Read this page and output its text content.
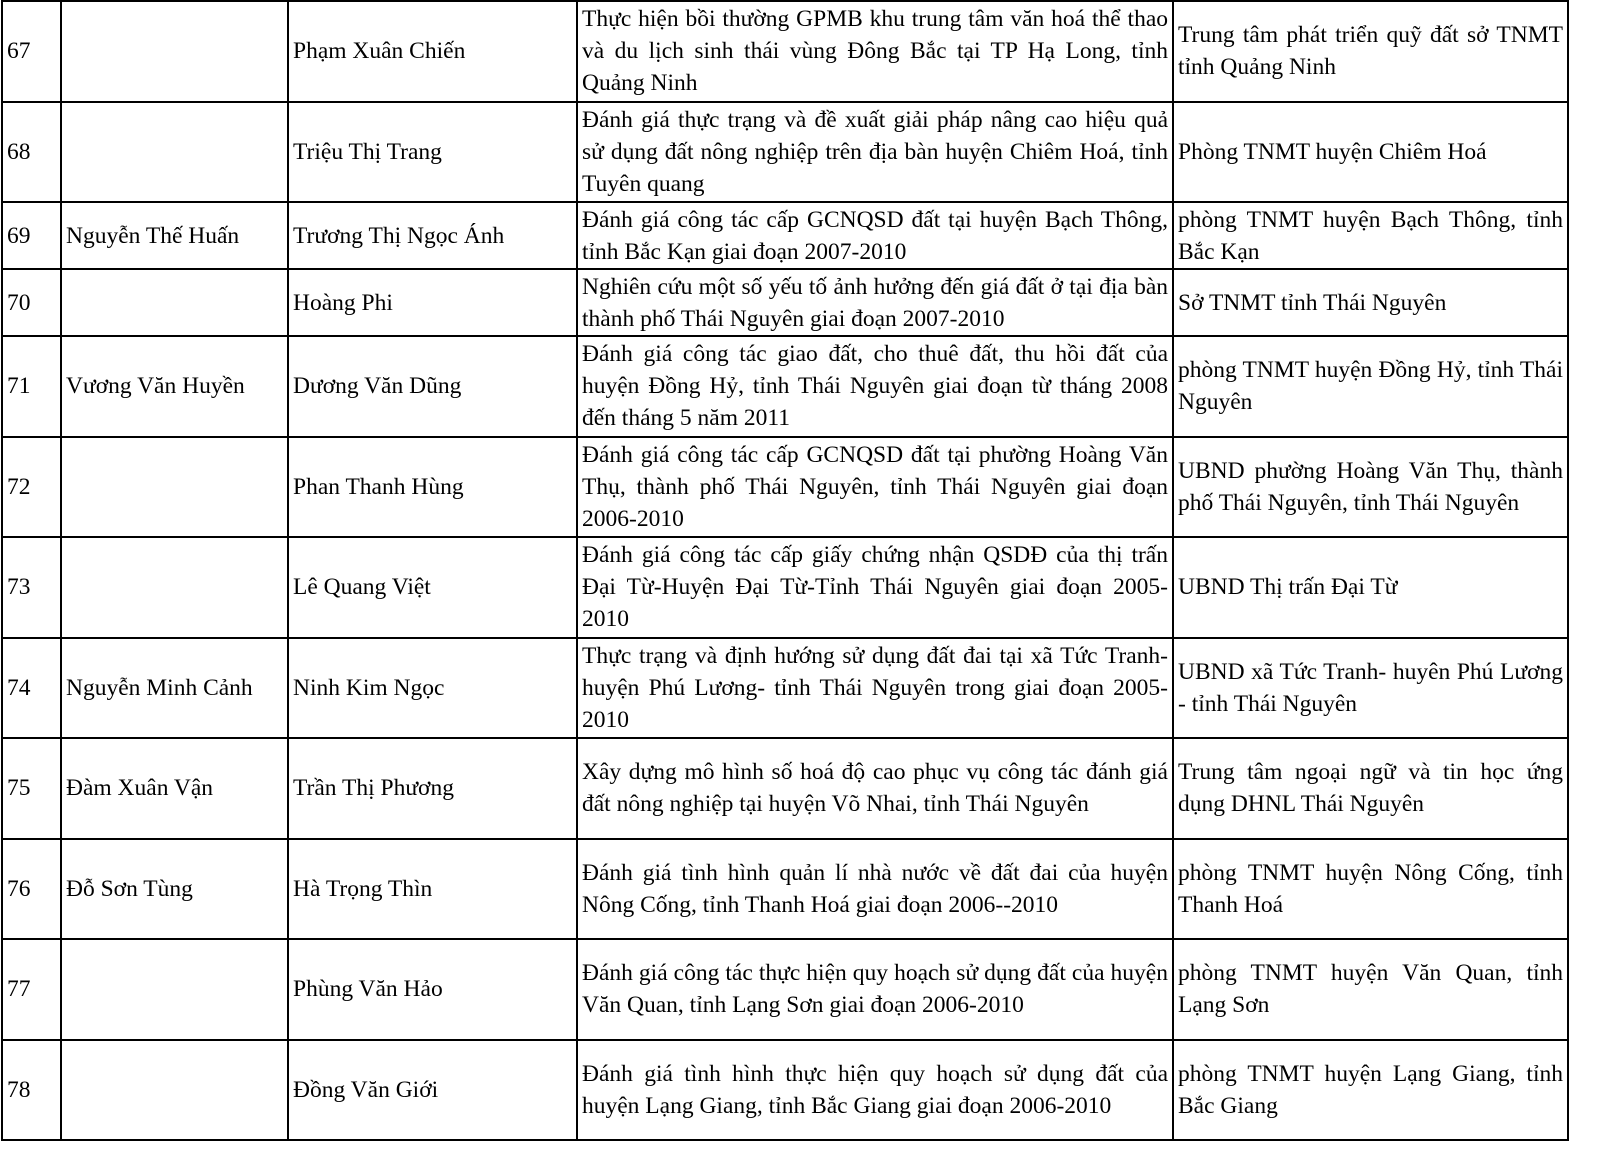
67		Phạm Xuân Chiến	Thực hiện bồi thường GPMB khu trung tâm văn hoá thể thao và du lịch sinh thái vùng Đông Bắc tại TP Hạ Long, tỉnh Quảng Ninh	Trung tâm phát triển quỹ đất sở TNMT tỉnh Quảng Ninh
68		Triệu Thị Trang	Đánh giá thực trạng và đề xuất giải pháp nâng cao hiệu quả sử dụng đất nông nghiệp trên địa bàn huyện Chiêm Hoá, tỉnh Tuyên quang	Phòng TNMT huyện Chiêm Hoá
69	Nguyễn Thế Huấn	Trương Thị Ngọc Ánh	Đánh giá công tác cấp GCNQSD đất tại huyện Bạch Thông, tỉnh Bắc Kạn giai đoạn 2007-2010	phòng TNMT huyện Bạch Thông, tỉnh Bắc Kạn
70		Hoàng Phi	Nghiên cứu một số yếu tố ảnh hưởng đến giá đất ở tại địa bàn thành phố Thái Nguyên giai đoạn 2007-2010	Sở TNMT tỉnh Thái Nguyên
71	Vương Văn Huyền	Dương Văn Dũng	Đánh giá công tác giao đất, cho thuê đất, thu hồi đất của huyện Đồng Hỷ, tỉnh Thái Nguyên giai đoạn từ tháng 2008 đến tháng 5 năm 2011	phòng TNMT huyện Đồng Hỷ, tỉnh Thái Nguyên
72		Phan Thanh Hùng	Đánh giá công tác cấp GCNQSD đất tại phường Hoàng Văn Thụ, thành phố Thái Nguyên, tỉnh Thái Nguyên giai đoạn 2006-2010	UBND phường Hoàng Văn Thụ, thành phố Thái Nguyên, tỉnh Thái Nguyên
73		Lê Quang Việt	Đánh giá công tác cấp giấy chứng nhận QSDĐ của thị trấn Đại Từ-Huyện Đại Từ-Tỉnh Thái Nguyên giai đoạn 2005-2010	UBND Thị trấn Đại Từ
74	Nguyễn Minh Cảnh	Ninh Kim Ngọc	Thực trạng và định hướng sử dụng đất đai tại xã Tức Tranh- huyện Phú Lương- tỉnh Thái Nguyên trong giai đoạn 2005-2010	UBND xã Tức Tranh- huyên Phú Lương - tỉnh Thái Nguyên
75	Đàm Xuân Vận	Trần Thị Phương	Xây dựng mô hình số hoá độ cao phục vụ công tác đánh giá đất nông nghiệp tại huyện Võ Nhai, tỉnh Thái Nguyên	Trung tâm ngoại ngữ và tin học ứng dụng DHNL Thái Nguyên
76	Đỗ Sơn Tùng	Hà Trọng Thìn	Đánh giá tình hình quản lí nhà nước về đất đai của huyện Nông Cống, tỉnh Thanh Hoá giai đoạn 2006--2010	phòng TNMT huyện Nông Cống, tỉnh Thanh Hoá
77		Phùng Văn Hảo	Đánh giá công tác thực hiện quy hoạch sử dụng đất của huyện Văn Quan, tỉnh Lạng Sơn giai đoạn 2006-2010	phòng TNMT huyện Văn Quan, tỉnh Lạng Sơn
78		Đồng Văn Giới	Đánh giá tình hình thực hiện quy hoạch sử dụng đất của huyện Lạng Giang, tỉnh Bắc Giang giai đoạn 2006-2010	phòng TNMT huyện Lạng Giang, tỉnh Bắc Giang
